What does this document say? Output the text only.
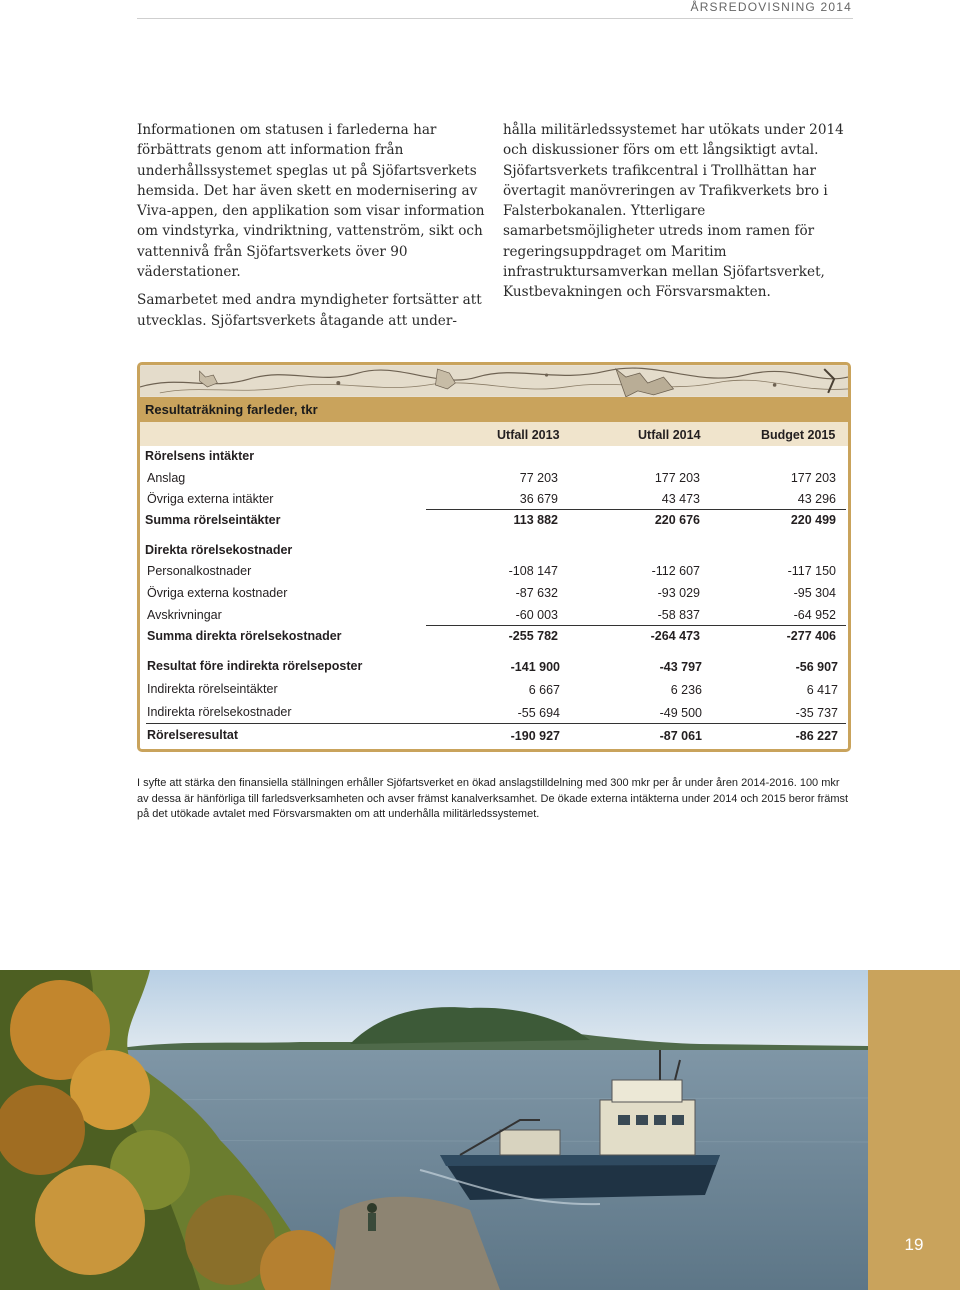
ÅRSREDOVISNING 2014

Informationen om statusen i farlederna har förbättrats genom att information från underhållssystemet speglas ut på Sjöfartsverkets hemsida. Det har även skett en modernisering av Viva-appen, den applikation som visar information om vindstyrka, vindriktning, vattenström, sikt och vattennivå från Sjöfartsverkets över 90 väderstationer.

Samarbetet med andra myndigheter fortsätter att utvecklas. Sjöfartsverkets åtagande att under-

hålla militärledssystemet har utökats under 2014 och diskussioner förs om ett långsiktigt avtal. Sjöfartsverkets trafikcentral i Trollhättan har övertagit manövreringen av Trafikverkets bro i Falsterbokanalen. Ytterligare samarbetsmöjligheter utreds inom ramen för regeringsuppdraget om Maritim infrastruktursamverkan mellan Sjöfartsverket, Kustbevakningen och Försvarsmakten.

Resultaträkning farleder, tkr
Utfall 2013	Utfall 2014	Budget 2015
Rörelsens intäkter
Anslag	77 203	177 203	177 203
Övriga externa intäkter	36 679	43 473	43 296
Summa rörelseintäkter	113 882	220 676	220 499
Direkta rörelsekostnader
Personalkostnader	-108 147	-112 607	-117 150
Övriga externa kostnader	-87 632	-93 029	-95 304
Avskrivningar	-60 003	-58 837	-64 952
Summa direkta rörelsekostnader	-255 782	-264 473	-277 406
Resultat före indirekta rörelseposter	-141 900	-43 797	-56 907
Indirekta rörelseintäkter	6 667	6 236	6 417
Indirekta rörelsekostnader	-55 694	-49 500	-35 737
Rörelseresultat	-190 927	-87 061	-86 227
I syfte att stärka den finansiella ställningen erhåller Sjöfartsverket en ökad anslagstilldelning med 300 mkr per år under åren 2014-2016. 100 mkr av dessa är hänförliga till farledsverksamheten och avser främst kanalverksamhet. De ökade externa intäkterna under 2014 och 2015 beror främst på det utökade avtalet med Försvarsmakten om att underhålla militärledssystemet.
19
